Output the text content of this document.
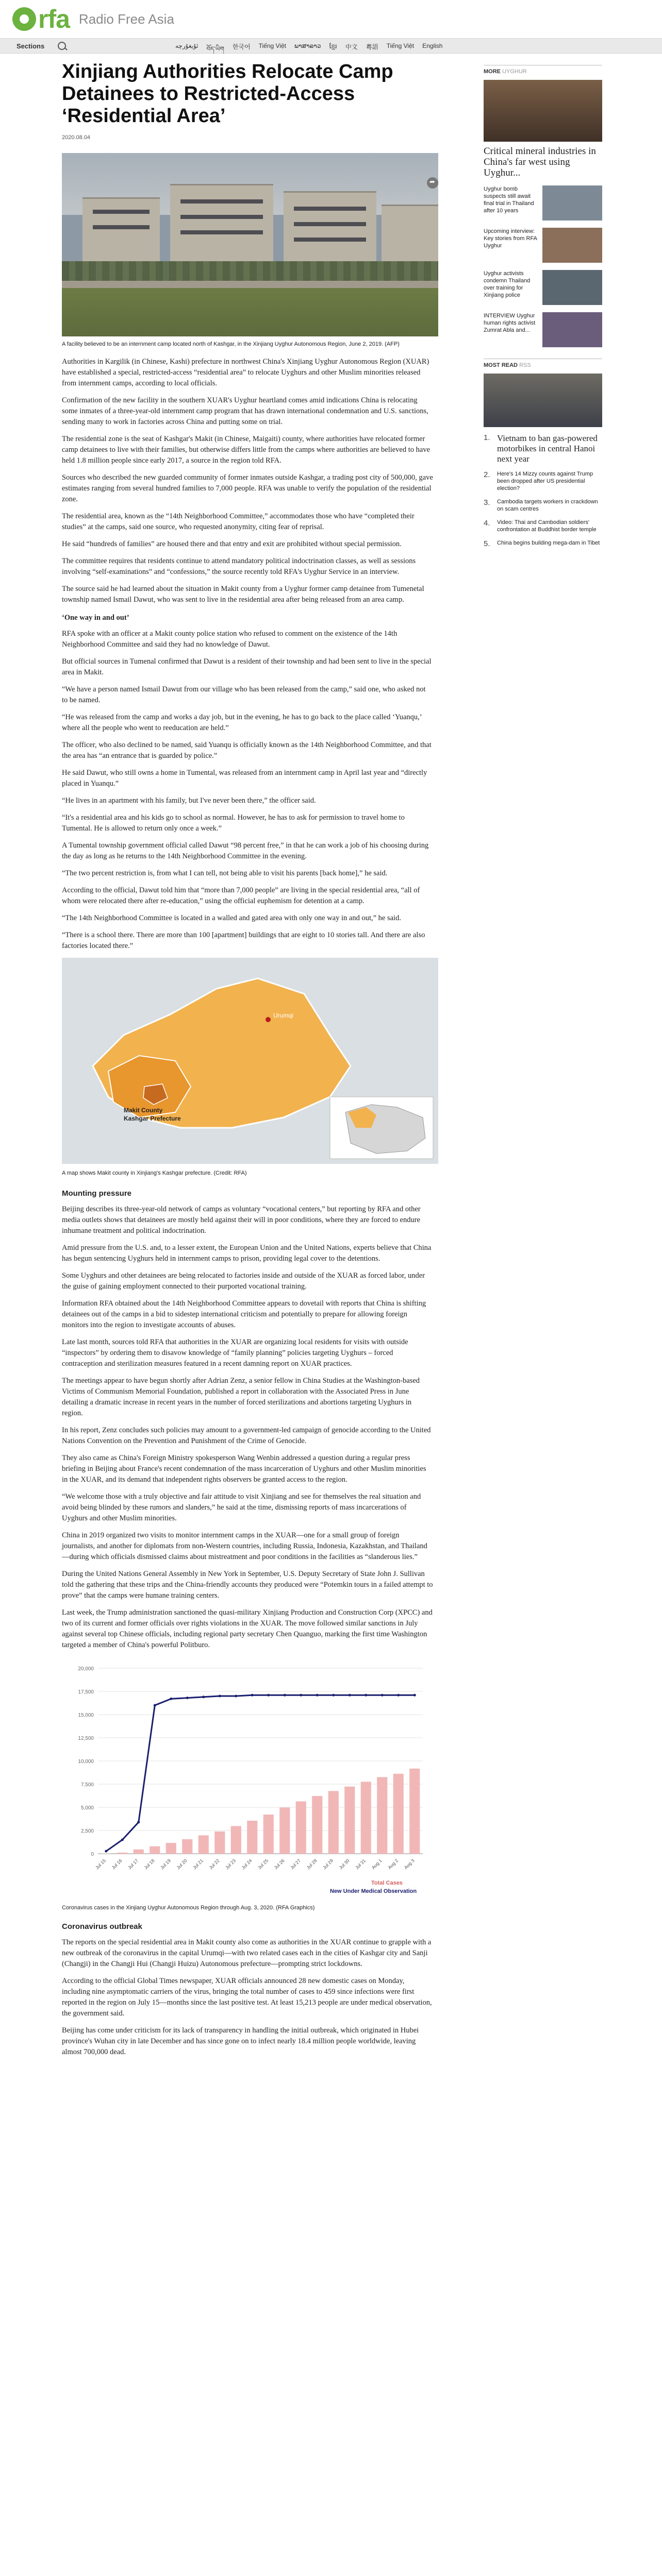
rfa Radio Free Asia
Sections	ئۇيغۇرچە བོད་ཡིག 한국어 Tiếng Việt ພາສາລາວ ខ្មែរ 中文 粵語 Tiếng Việt English
Xinjiang Authorities Relocate Camp Detainees to Restricted-Access ‘Residential Area’
2020.08.04
➦
A facility believed to be an internment camp located north of Kashgar, in the Xinjiang Uyghur Autonomous Region, June 2, 2019. (AFP)

Authorities in Kargilik (in Chinese, Kashi) prefecture in northwest China's Xinjiang Uyghur Autonomous Region (XUAR) have established a special, restricted-access “residential area” to relocate Uyghurs and other Muslim minorities released from internment camps, according to local officials.

Confirmation of the new facility in the southern XUAR's Uyghur heartland comes amid indications China is relocating some inmates of a three-year-old internment camp program that has drawn international condemnation and U.S. sanctions, sending many to work in factories across China and putting some on trial.

The residential zone is the seat of Kashgar's Makit (in Chinese, Maigaiti) county, where authorities have relocated former camp detainees to live with their families, but otherwise differs little from the camps where authorities are believed to have held 1.8 million people since early 2017, a source in the region told RFA.

Sources who described the new guarded community of former inmates outside Kashgar, a trading post city of 500,000, gave estimates ranging from several hundred families to 7,000 people. RFA was unable to verify the population of the residential zone.

The residential area, known as the “14th Neighborhood Committee,” accommodates those who have “completed their studies” at the camps, said one source, who requested anonymity, citing fear of reprisal.

He said “hundreds of families” are housed there and that entry and exit are prohibited without special permission.

The committee requires that residents continue to attend mandatory political indoctrination classes, as well as sessions involving “self-examinations” and “confessions,” the source recently told RFA's Uyghur Service in an interview.

The source said he had learned about the situation in Makit county from a Uyghur former camp detainee from Tumenetal township named Ismail Dawut, who was sent to live in the residential area after being released from an area camp.

‘One way in and out’

RFA spoke with an officer at a Makit county police station who refused to comment on the existence of the 14th Neighborhood Committee and said they had no knowledge of Dawut.

But official sources in Tumenal confirmed that Dawut is a resident of their township and had been sent to live in the special area in Makit.

“We have a person named Ismail Dawut from our village who has been released from the camp,” said one, who asked not to be named.

“He was released from the camp and works a day job, but in the evening, he has to go back to the place called ‘Yuanqu,’ where all the people who went to reeducation are held.”

The officer, who also declined to be named, said Yuanqu is officially known as the 14th Neighborhood Committee, and that the area has “an entrance that is guarded by police.”

He said Dawut, who still owns a home in Tumental, was released from an internment camp in April last year and “directly placed in Yuanqu.”

“He lives in an apartment with his family, but I've never been there,” the officer said.

“It's a residential area and his kids go to school as normal. However, he has to ask for permission to travel home to Tumental. He is allowed to return only once a week.”

A Tumental township government official called Dawut “98 percent free,” in that he can work a job of his choosing during the day as long as he returns to the 14th Neighborhood Committee in the evening.

“The two percent restriction is, from what I can tell, not being able to visit his parents [back home],” he said.

According to the official, Dawut told him that “more than 7,000 people” are living in the special residential area, “all of whom were relocated there after re-education,” using the official euphemism for detention at a camp.

“The 14th Neighborhood Committee is located in a walled and gated area with only one way in and out,” he said.

“There is a school there. There are more than 100 [apartment] buildings that are eight to 10 stories tall. And there are also factories located there.”

Urumqi
Makit County
Kashgar Prefecture
A map shows Makit county in Xinjiang's Kashgar prefecture. (Credit: RFA)
Mounting pressure

Beijing describes its three-year-old network of camps as voluntary “vocational centers,” but reporting by RFA and other media outlets shows that detainees are mostly held against their will in poor conditions, where they are forced to endure inhumane treatment and political indoctrination.

Amid pressure from the U.S. and, to a lesser extent, the European Union and the United Nations, experts believe that China has begun sentencing Uyghurs held in internment camps to prison, providing legal cover to the detentions.

Some Uyghurs and other detainees are being relocated to factories inside and outside of the XUAR as forced labor, under the guise of gaining employment connected to their purported vocational training.

Information RFA obtained about the 14th Neighborhood Committee appears to dovetail with reports that China is shifting detainees out of the camps in a bid to sidestep international criticism and potentially to prepare for allowing foreign monitors into the region to investigate accounts of abuses.

Late last month, sources told RFA that authorities in the XUAR are organizing local residents for visits with outside “inspectors” by ordering them to disavow knowledge of “family planning” policies targeting Uyghurs – forced contraception and sterilization measures featured in a recent damning report on XUAR practices.

The meetings appear to have begun shortly after Adrian Zenz, a senior fellow in China Studies at the Washington-based Victims of Communism Memorial Foundation, published a report in collaboration with the Associated Press in June detailing a dramatic increase in recent years in the number of forced sterilizations and abortions targeting Uyghurs in region.

In his report, Zenz concludes such policies may amount to a government-led campaign of genocide according to the United Nations Convention on the Prevention and Punishment of the Crime of Genocide.

They also came as China's Foreign Ministry spokesperson Wang Wenbin addressed a question during a regular press briefing in Beijing about France's recent condemnation of the mass incarceration of Uyghurs and other Muslim minorities in the XUAR, and its demand that independent rights observers be granted access to the region.

“We welcome those with a truly objective and fair attitude to visit Xinjiang and see for themselves the real situation and avoid being blinded by these rumors and slanders,” he said at the time, dismissing reports of mass incarcerations of Uyghurs and other Muslim minorities.

China in 2019 organized two visits to monitor internment camps in the XUAR—one for a small group of foreign journalists, and another for diplomats from non-Western countries, including Russia, Indonesia, Kazakhstan, and Thailand—during which officials dismissed claims about mistreatment and poor conditions in the facilities as “slanderous lies.”

During the United Nations General Assembly in New York in September, U.S. Deputy Secretary of State John J. Sullivan told the gathering that these trips and the China-friendly accounts they produced were “Potemkin tours in a failed attempt to prove” that the camps were humane training centers.

Last week, the Trump administration sanctioned the quasi-military Xinjiang Production and Construction Corp (XPCC) and two of its current and former officials over rights violations in the XUAR. The move followed similar sanctions in July against several top Chinese officials, including regional party secretary Chen Quanguo, marking the first time Washington targeted a member of China's powerful Politburo.

0
2,500
5,000
7,500
10,000
12,500
15,000
17,500
20,000
Jul 15 Jul 16 Jul 17 Jul 18 Jul 19 Jul 20 Jul 21 Jul 22 Jul 23 Jul 24 Jul 25 Jul 26 Jul 27 Jul 28 Jul 29 Jul 30 Jul 31 Aug 1 Aug 2 Aug 3
Total Cases
New Under Medical Observation
Coronavirus cases in the Xinjiang Uyghur Autonomous Region through Aug. 3, 2020. (RFA Graphics)
Coronavirus outbreak

The reports on the special residential area in Makit county also come as authorities in the XUAR continue to grapple with a new outbreak of the coronavirus in the capital Urumqi—with two related cases each in the cities of Kashgar city and Sanji (Changji) in the Changji Hui (Changji Huizu) Autonomous prefecture—prompting strict lockdowns.

According to the official Global Times newspaper, XUAR officials announced 28 new domestic cases on Monday, including nine asymptomatic carriers of the virus, bringing the total number of cases to 459 since infections were first reported in the region on July 15—months since the last positive test. At least 15,213 people are under medical observation, the government said.

Beijing has come under criticism for its lack of transparency in handling the initial outbreak, which originated in Hubei province's Wuhan city in late December and has since gone on to infect nearly 18.4 million people worldwide, leaving almost 700,000 dead.

MORE UYGHUR
Critical mineral industries in China's far west using Uyghur...
Uyghur bomb suspects still await final trial in Thailand after 10 years
Upcoming interview: Key stories from RFA Uyghur
Uyghur activists condemn Thailand over training for Xinjiang police
INTERVIEW Uyghur human rights activist Zumrat Abla and...
MOST READ RSS
1. Vietnam to ban gas-powered motorbikes in central Hanoi next year
2.	Here's 14 Mizzy counts against Trump been dropped after US presidential election?
3.	Cambodia targets workers in crackdown on scam centres
4.	Video: Thai and Cambodian soldiers' confrontation at Buddhist border temple
5.	China begins building mega-dam in Tibet
